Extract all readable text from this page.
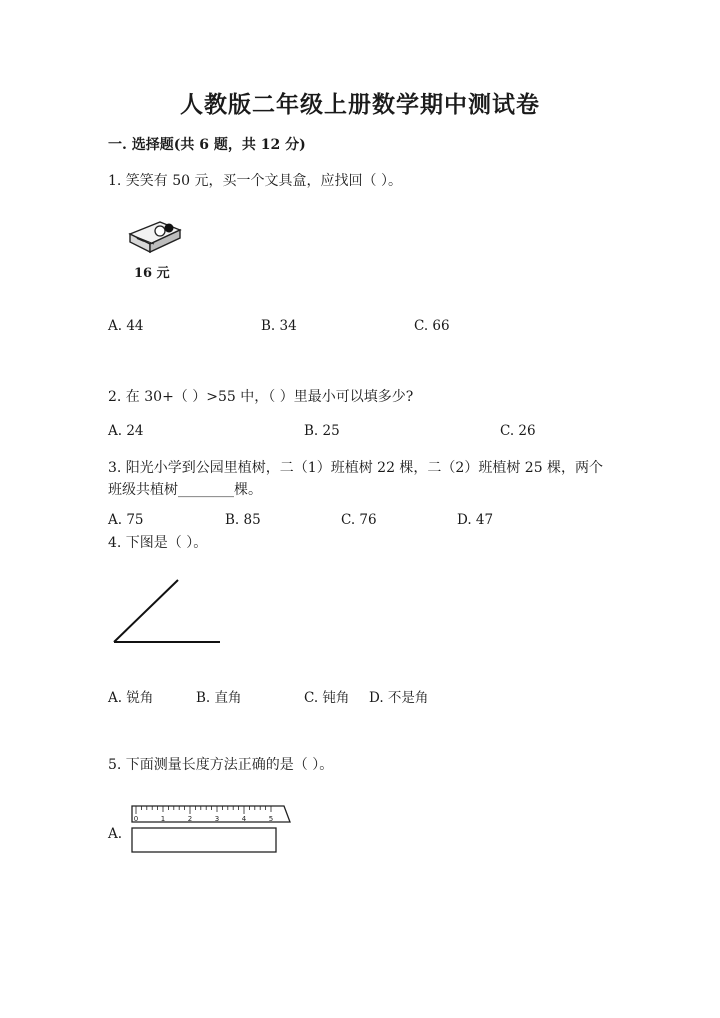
人教版二年级上册数学期中测试卷
一. 选择题(共 6 题，共 12 分)
1. 笑笑有 50 元，买一个文具盒，应找回（ ）。
16 元
A. 44	B. 34	C. 66
2. 在 30+（ ）>55 中，（ ）里最小可以填多少?
A. 24	B. 25	C. 26
3. 阳光小学到公园里植树，二（1）班植树 22 棵，二（2）班植树 25 棵，两个
班级共植树________棵。
A. 75	B. 85	C. 76	D. 47
4. 下图是（ ）。
A. 锐角	B. 直角	C. 钝角 D. 不是角
5. 下面测量长度方法正确的是（ ）。
A.
0	1	2	3	4	5
